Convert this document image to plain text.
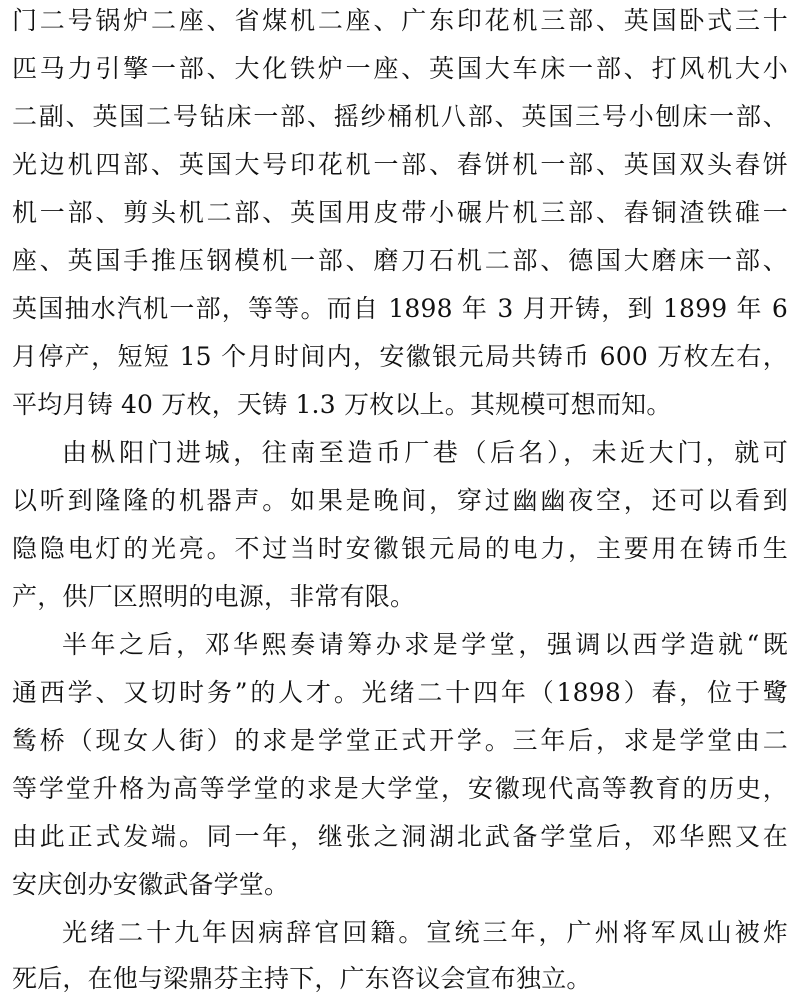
门二号锅炉二座、省煤机二座、广东印花机三部、英国卧式三十
匹马力引擎一部、大化铁炉一座、英国大车床一部、打风机大小
二副、英国二号钻床一部、摇纱桶机八部、英国三号小刨床一部、
光边机四部、英国大号印花机一部、舂饼机一部、英国双头舂饼
机一部、剪头机二部、英国用皮带小碾片机三部、舂铜渣铁碓一
座、英国手推压钢模机一部、磨刀石机二部、德国大磨床一部、
英国抽水汽机一部，等等。而自 1898 年 3 月开铸，到 1899 年 6
月停产，短短 15 个月时间内，安徽银元局共铸币 600 万枚左右，
平均月铸 40 万枚，天铸 1.3 万枚以上。其规模可想而知。
由枞阳门进城，往南至造币厂巷（后名），未近大门，就可
以听到隆隆的机器声。如果是晚间，穿过幽幽夜空，还可以看到
隐隐电灯的光亮。不过当时安徽银元局的电力，主要用在铸币生
产，供厂区照明的电源，非常有限。
半年之后，邓华熙奏请筹办求是学堂，强调以西学造就“既
通西学、又切时务”的人才。光绪二十四年（1898）春，位于鹭
鸶桥（现女人街）的求是学堂正式开学。三年后，求是学堂由二
等学堂升格为高等学堂的求是大学堂，安徽现代高等教育的历史，
由此正式发端。同一年，继张之洞湖北武备学堂后，邓华熙又在
安庆创办安徽武备学堂。
光绪二十九年因病辞官回籍。宣统三年，广州将军凤山被炸
死后，在他与梁鼎芬主持下，广东咨议会宣布独立。
